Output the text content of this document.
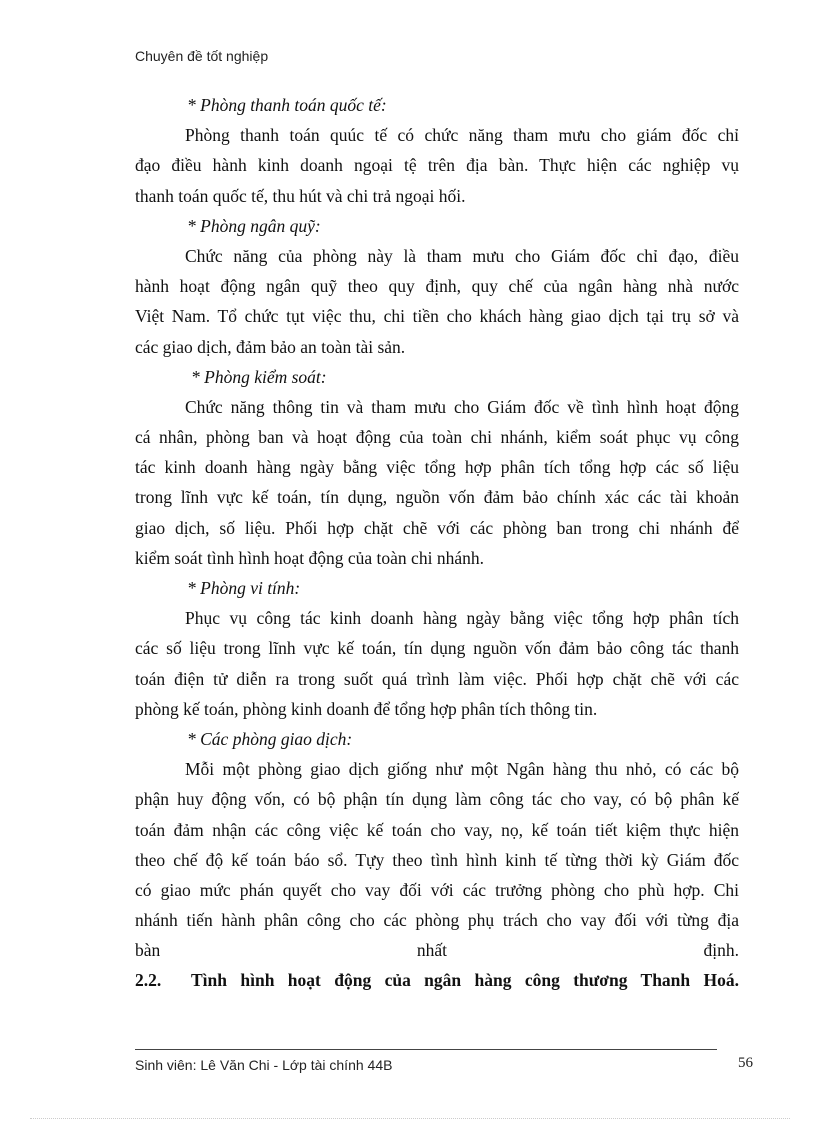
Chuyên đề tốt nghiệp
* Phòng thanh toán quốc tế:
Phòng thanh toán quúc tế có chức năng tham mưu cho giám đốc chỉ
đạo điều hành kinh doanh ngoại tệ trên địa bàn. Thực hiện các nghiệp vụ
thanh toán quốc tế, thu hút và chi trả ngoại hối.
* Phòng ngân quỹ:
Chức năng của phòng này là tham mưu cho Giám đốc chỉ đạo, điều
hành hoạt động ngân quỹ theo quy định, quy chế của ngân hàng nhà nước
Việt Nam. Tổ chức tụt việc thu, chi tiền cho khách hàng giao dịch tại trụ sở và
các giao dịch, đảm bảo an toàn tài sản.
* Phòng kiểm soát:
Chức năng thông tin và tham mưu cho Giám đốc về tình hình hoạt động
cá nhân, phòng ban và hoạt động của toàn chi nhánh, kiểm soát phục vụ công
tác kinh doanh hàng ngày bằng việc tổng hợp phân tích tổng hợp các số liệu
trong lĩnh vực kế toán, tín dụng, nguồn vốn đảm bảo chính xác các tài khoản
giao dịch, số liệu. Phối hợp chặt chẽ với các phòng ban trong chi nhánh để
kiểm soát tình hình hoạt động của toàn chi nhánh.
* Phòng vi tính:
Phục vụ công tác kinh doanh hàng ngày bằng việc tổng hợp phân tích
các số liệu trong lĩnh vực kế toán, tín dụng nguồn vốn đảm bảo công tác thanh
toán điện tử diễn ra trong suốt quá trình làm việc. Phối hợp chặt chẽ với các
phòng kế toán, phòng kinh doanh để tổng hợp phân tích thông tin.
* Các phòng giao dịch:
Mỗi một phòng giao dịch giống như một Ngân hàng thu nhỏ, có các bộ
phận huy động vốn, có bộ phận tín dụng làm công tác cho vay, có bộ phân kế
toán đảm nhận các công việc kế toán cho vay, nọ, kế toán tiết kiệm thực hiện
theo chế độ kế toán báo sổ. Tựy theo tình hình kinh tế từng thời kỳ Giám đốc
có giao mức phán quyết cho vay đối với các trưởng phòng cho phù hợp. Chi
nhánh tiến hành phân công cho các phòng phụ trách cho vay đối với từng địa
bàn nhất định.
2.2. Tình hình hoạt động của ngân hàng công thương Thanh Hoá.
Sinh viên: Lê Văn Chi - Lớp tài chính 44B	56
